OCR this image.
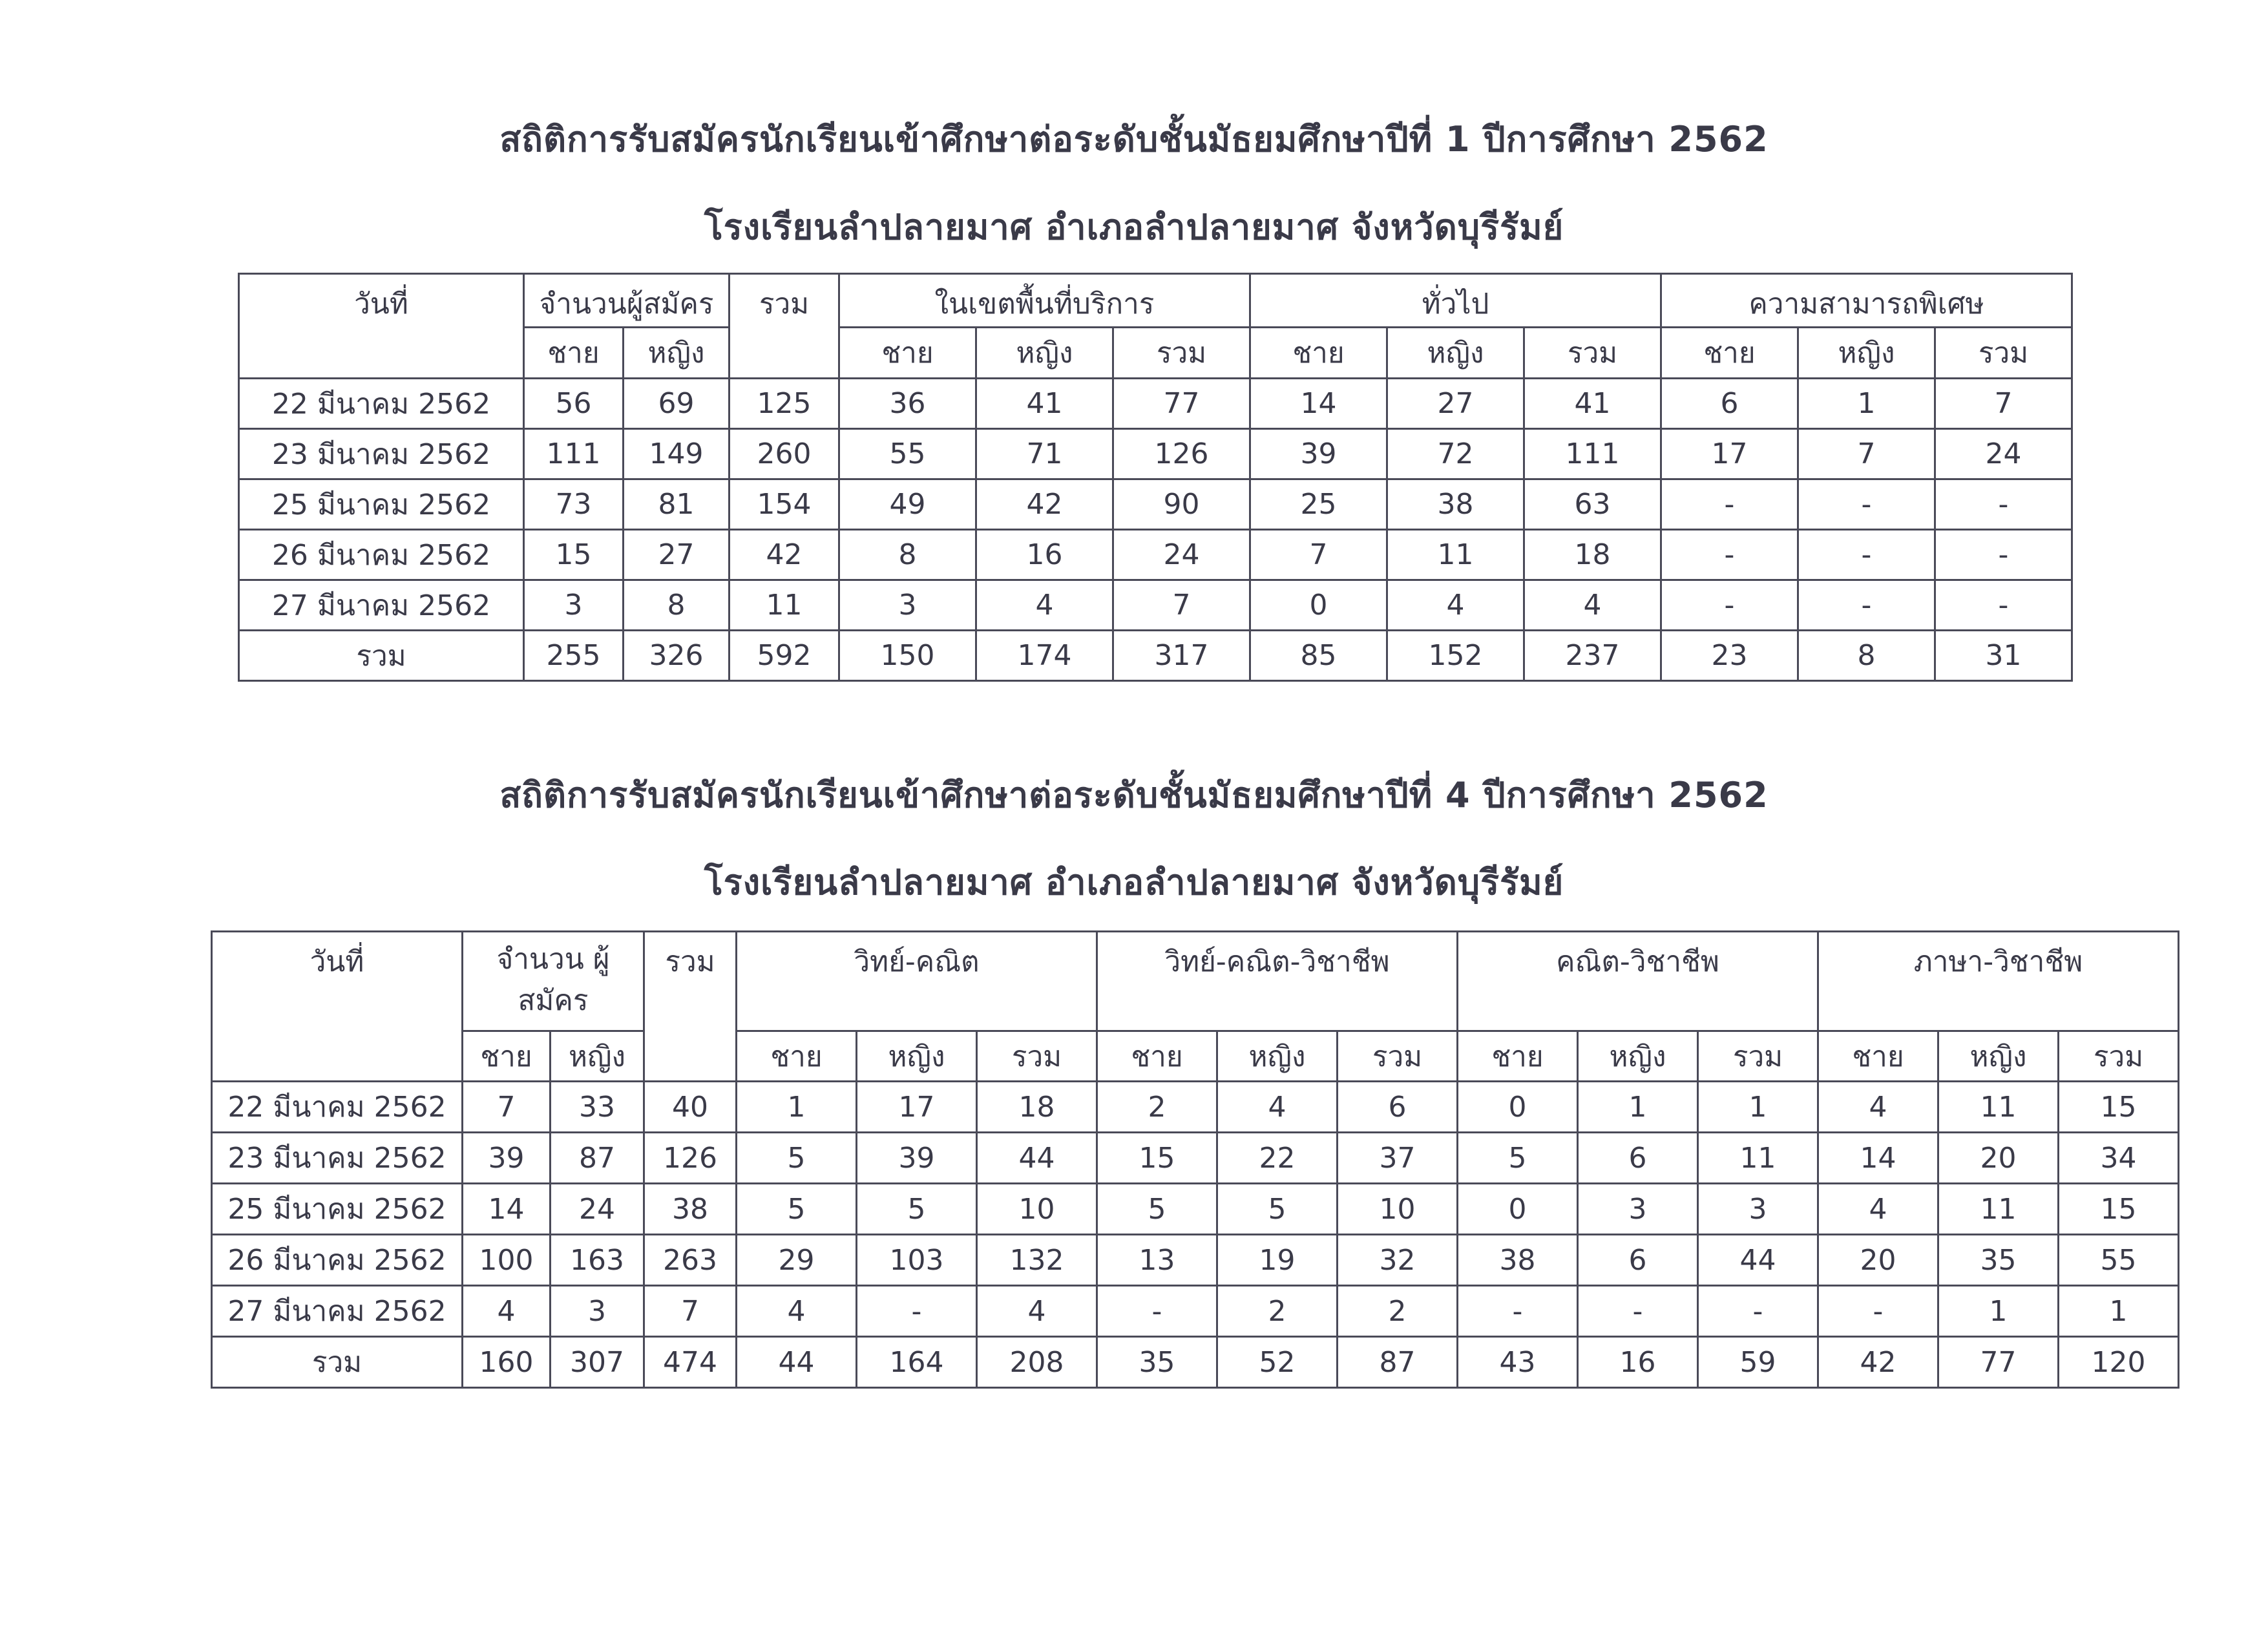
สถิติการรับสมัครนักเรียนเข้าศึกษาต่อระดับชั้นมัธยมศึกษาปีที่ 1 ปีการศึกษา 2562
โรงเรียนลำปลายมาศ อำเภอลำปลายมาศ จังหวัดบุรีรัมย์
วันที่	จำนวนผู้สมัคร		รวม	ในเขตพื้นที่บริการ			ทั่วไป			ความสามารถพิเศษ		
	ชาย	หญิง		ชาย	หญิง	รวม	ชาย	หญิง	รวม	ชาย	หญิง	รวม
22 มีนาคม 2562	56	69	125	36	41	77	14	27	41	6	1	7
23 มีนาคม 2562	111	149	260	55	71	126	39	72	111	17	7	24
25 มีนาคม 2562	73	81	154	49	42	90	25	38	63	-	-	-
26 มีนาคม 2562	15	27	42	8	16	24	7	11	18	-	-	-
27 มีนาคม 2562	3	8	11	3	4	7	0	4	4	-	-	-
รวม	255	326	592	150	174	317	85	152	237	23	8	31
สถิติการรับสมัครนักเรียนเข้าศึกษาต่อระดับชั้นมัธยมศึกษาปีที่ 4 ปีการศึกษา 2562
โรงเรียนลำปลายมาศ อำเภอลำปลายมาศ จังหวัดบุรีรัมย์
วันที่	จำนวน ผู้สมัคร		รวม	วิทย์-คณิต			วิทย์-คณิต-วิชาชีพ			คณิต-วิชาชีพ			ภาษา-วิชาชีพ		
	ชาย	หญิง		ชาย	หญิง	รวม	ชาย	หญิง	รวม	ชาย	หญิง	รวม	ชาย	หญิง	รวม
22 มีนาคม 2562	7	33	40	1	17	18	2	4	6	0	1	1	4	11	15
23 มีนาคม 2562	39	87	126	5	39	44	15	22	37	5	6	11	14	20	34
25 มีนาคม 2562	14	24	38	5	5	10	5	5	10	0	3	3	4	11	15
26 มีนาคม 2562	100	163	263	29	103	132	13	19	32	38	6	44	20	35	55
27 มีนาคม 2562	4	3	7	4	-	4	-	2	2	-	-	-	-	1	1
รวม	160	307	474	44	164	208	35	52	87	43	16	59	42	77	120
